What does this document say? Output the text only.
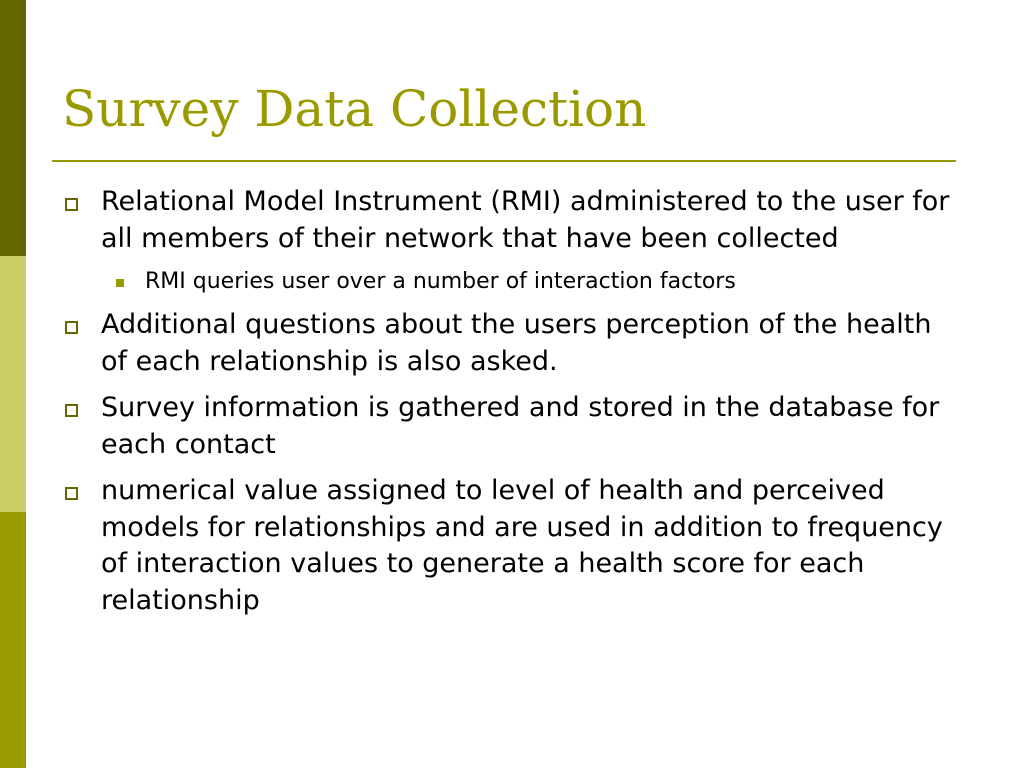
Survey Data Collection
Relational Model Instrument (RMI) administered to the user for all members of their network that have been collected
RMI queries user over a number of interaction factors
Additional questions about the users perception of the health of each relationship is also asked.
Survey information is gathered and stored in the database for each contact
numerical value assigned to level of health and perceived models for relationships and are used in addition to frequency of interaction values to generate a health score for each relationship
